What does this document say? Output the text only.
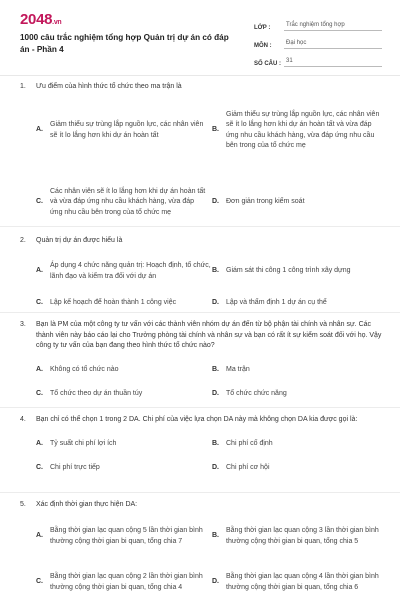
2048.vn
1000 câu trắc nghiệm tổng hợp Quản trị dự án có đáp án - Phần 4
LỚP :	Trắc nghiệm tổng hợp
MÔN :	Đại học
SỐ CÂU : 31
1.	Ưu điểm của hình thức tổ chức theo ma trận là
A.
Giảm thiểu sự trùng lắp nguồn lực, các nhân viên sẽ ít lo lắng hơn khi dự án hoàn tất
B.
Giảm thiểu sự trùng lắp nguồn lực, các nhân viên sẽ ít lo lắng hơn khi dự án hoàn tất và vừa đáp ứng nhu cầu khách hàng, vừa đáp ứng nhu cầu bên trong của tổ chức mẹ
C.
Các nhân viên sẽ ít lo lắng hơn khi dự án hoàn tất và vừa đáp ứng nhu cầu khách hàng, vừa đáp ứng nhu cầu bên trong của tổ chức mẹ
D.	Đơn giản trong kiểm soát
2.	Quản trị dự án được hiểu là
A.
Áp dụng 4 chức năng quản trị: Hoạch định, tổ chức, lãnh đạo và kiểm tra đối với dự án
B.	Giám sát thi công 1 công trình xây dựng
C.	Lập kế hoạch để hoàn thành 1 công việc	D.	Lập và thẩm định 1 dự án cụ thể
3.	Bạn là PM của một công ty tư vấn với các thành viên nhóm dự án đến từ bộ phận tài chính và nhân sự. Các thành viên này báo cáo lại cho Trưởng phòng tài chính và nhân sự và bạn có rất ít sự kiểm soát đối với họ. Vậy công ty tư vấn của bạn đang theo hình thức tổ chức nào?
A.	Không có tổ chức nào	B.	Ma trận
C.	Tổ chức theo dự án thuần túy	D.	Tổ chức chức năng
4.	Bạn chỉ có thể chọn 1 trong 2 DA. Chi phí của việc lựa chọn DA này mà không chọn DA kia được gọi là:
A.	Tỷ suất chi phí lợi ích	B.	Chi phí cố định
C.	Chi phí trực tiếp	D.	Chi phí cơ hội
5.	Xác định thời gian thực hiện DA:
A.
Bằng thời gian lạc quan cộng 5 lần thời gian bình thường cộng thời gian bi quan, tổng chia 7
B.
Bằng thời gian lạc quan cộng 3 lần thời gian bình thường cộng thời gian bi quan, tổng chia 5
C.
Bằng thời gian lạc quan cộng 2 lần thời gian bình thường cộng thời gian bi quan, tổng chia 4
D.
Bằng thời gian lạc quan cộng 4 lần thời gian bình thường cộng thời gian bi quan, tổng chia 6
